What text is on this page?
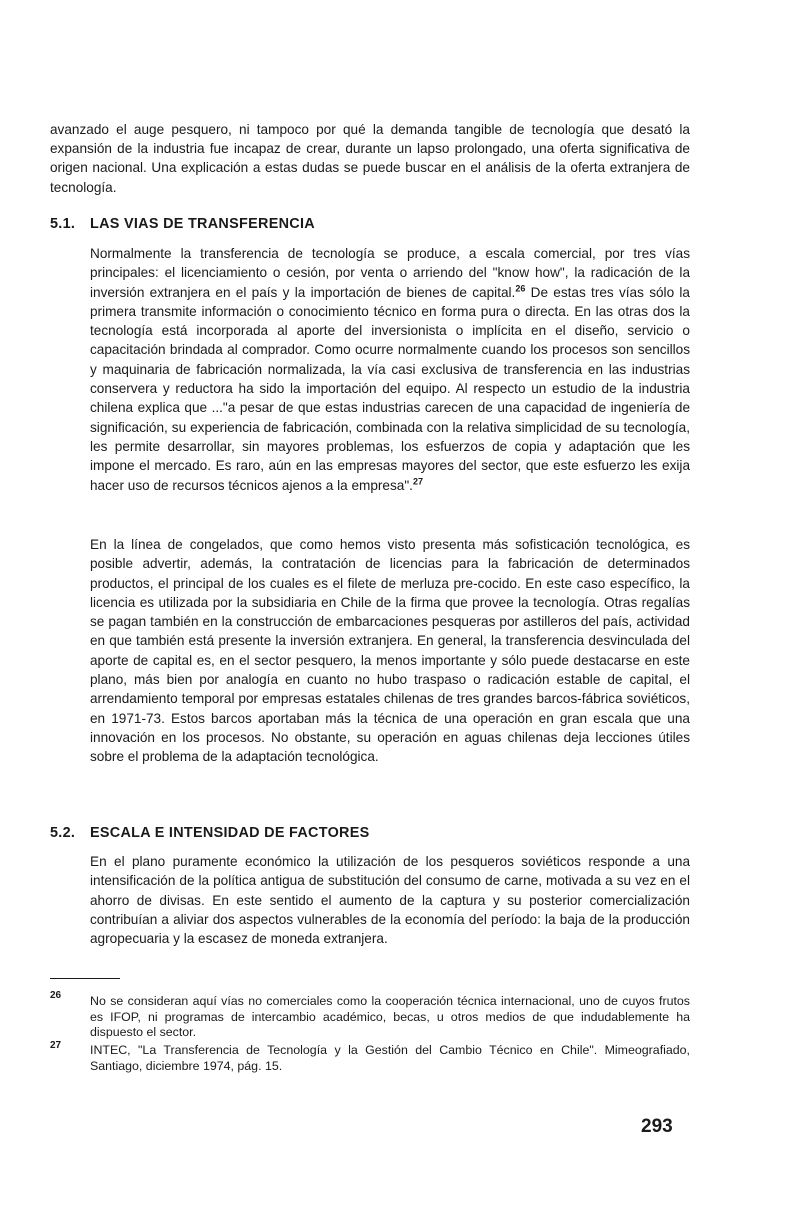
avanzado el auge pesquero, ni tampoco por qué la demanda tangible de tecnología que desató la expansión de la industria fue incapaz de crear, durante un lapso prolongado, una oferta significativa de origen nacional. Una explicación a estas dudas se puede buscar en el análisis de la oferta extranjera de tecnología.

5.1. LAS VIAS DE TRANSFERENCIA

Normalmente la transferencia de tecnología se produce, a escala comercial, por tres vías principales: el licenciamiento o cesión, por venta o arriendo del "know how", la radicación de la inversión extranjera en el país y la importación de bienes de capital.$^{26}$ De estas tres vías sólo la primera transmite información o conocimiento técnico en forma pura o directa. En las otras dos la tecnología está incorporada al aporte del inversionista o implícita en el diseño, servicio o capacitación brindada al comprador. Como ocurre normalmente cuando los procesos son sencillos y maquinaria de fabricación normalizada, la vía casi exclusiva de transferencia en las industrias conservera y reductora ha sido la importación del equipo. Al respecto un estudio de la industria chilena explica que ..."a pesar de que estas industrias carecen de una capacidad de ingeniería de significación, su experiencia de fabricación, combinada con la relativa simplicidad de su tecnología, les permite desarrollar, sin mayores problemas, los esfuerzos de copia y adaptación que les impone el mercado. Es raro, aún en las empresas mayores del sector, que este esfuerzo les exija hacer uso de recursos técnicos ajenos a la empresa".$^{27}$

En la línea de congelados, que como hemos visto presenta más sofisticación tecnológica, es posible advertir, además, la contratación de licencias para la fabricación de determinados productos, el principal de los cuales es el filete de merluza pre-cocido. En este caso específico, la licencia es utilizada por la subsidiaria en Chile de la firma que provee la tecnología. Otras regalías se pagan también en la construcción de embarcaciones pesqueras por astilleros del país, actividad en que también está presente la inversión extranjera. En general, la transferencia desvinculada del aporte de capital es, en el sector pesquero, la menos importante y sólo puede destacarse en este plano, más bien por analogía en cuanto no hubo traspaso o radicación estable de capital, el arrendamiento temporal por empresas estatales chilenas de tres grandes barcos-fábrica soviéticos, en 1971-73. Estos barcos aportaban más la técnica de una operación en gran escala que una innovación en los procesos. No obstante, su operación en aguas chilenas deja lecciones útiles sobre el problema de la adaptación tecnológica.

5.2. ESCALA E INTENSIDAD DE FACTORES

En el plano puramente económico la utilización de los pesqueros soviéticos responde a una intensificación de la política antigua de substitución del consumo de carne, motivada a su vez en el ahorro de divisas. En este sentido el aumento de la captura y su posterior comercialización contribuían a aliviar dos aspectos vulnerables de la economía del período: la baja de la producción agropecuaria y la escasez de moneda extranjera.

26 No se consideran aquí vías no comerciales como la cooperación técnica internacional, uno de cuyos frutos es IFOP, ni programas de intercambio académico, becas, u otros medios de que indudablemente ha dispuesto el sector.

27 INTEC, "La Transferencia de Tecnología y la Gestión del Cambio Técnico en Chile". Mimeografiado, Santiago, diciembre 1974, pág. 15.

293
